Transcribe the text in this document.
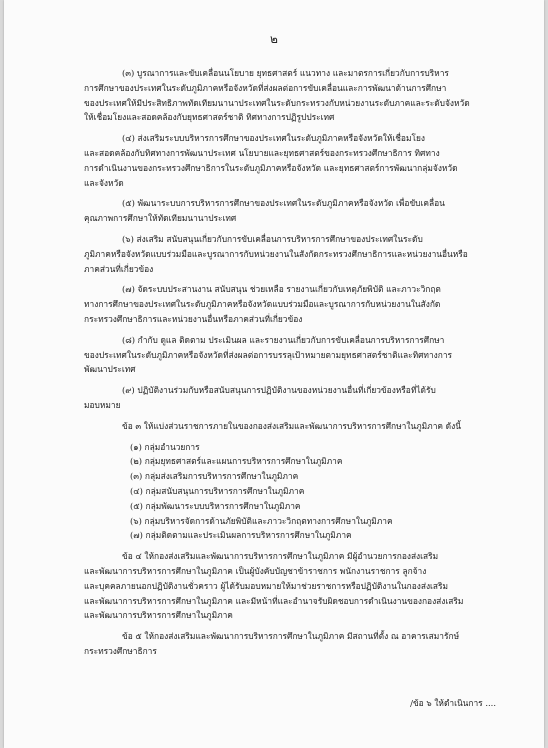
๒
(๓) บูรณาการและขับเคลื่อนนโยบาย ยุทธศาสตร์ แนวทาง และมาตรการเกี่ยวกับการบริหาร
การศึกษาของประเทศในระดับภูมิภาคหรือจังหวัดที่ส่งผลต่อการขับเคลื่อนและการพัฒนาด้านการศึกษา
ของประเทศให้มีประสิทธิภาพทัดเทียมนานาประเทศในระดับกระทรวงกับหน่วยงานระดับภาคและระดับจังหวัด
ให้เชื่อมโยงและสอดคล้องกับยุทธศาสตร์ชาติ ทิศทางการปฏิรูปประเทศ
(๔) ส่งเสริมระบบบริหารการศึกษาของประเทศในระดับภูมิภาคหรือจังหวัดให้เชื่อมโยง
และสอดคล้องกับทิศทางการพัฒนาประเทศ นโยบายและยุทธศาสตร์ของกระทรวงศึกษาธิการ ทิศทาง
การดำเนินงานของกระทรวงศึกษาธิการในระดับภูมิภาคหรือจังหวัด และยุทธศาสตร์การพัฒนากลุ่มจังหวัด
และจังหวัด
(๕) พัฒนาระบบการบริหารการศึกษาของประเทศในระดับภูมิภาคหรือจังหวัด เพื่อขับเคลื่อน
คุณภาพการศึกษาให้ทัดเทียมนานาประเทศ
(๖) ส่งเสริม สนับสนุนเกี่ยวกับการขับเคลื่อนการบริหารการศึกษาของประเทศในระดับ
ภูมิภาคหรือจังหวัดแบบร่วมมือและบูรณาการกับหน่วยงานในสังกัดกระทรวงศึกษาธิการและหน่วยงานอื่นหรือ
ภาคส่วนที่เกี่ยวข้อง
(๗) จัดระบบประสานงาน สนับสนุน ช่วยเหลือ รายงานเกี่ยวกับเหตุภัยพิบัติ และภาวะวิกฤต
ทางการศึกษาของประเทศในระดับภูมิภาคหรือจังหวัดแบบร่วมมือและบูรณาการกับหน่วยงานในสังกัด
กระทรวงศึกษาธิการและหน่วยงานอื่นหรือภาคส่วนที่เกี่ยวข้อง
(๘) กำกับ ดูแล ติดตาม ประเมินผล และรายงานเกี่ยวกับการขับเคลื่อนการบริหารการศึกษา
ของประเทศในระดับภูมิภาคหรือจังหวัดที่ส่งผลต่อการบรรลุเป้าหมายตามยุทธศาสตร์ชาติและทิศทางการ
พัฒนาประเทศ
(๙) ปฏิบัติงานร่วมกับหรือสนับสนุนการปฏิบัติงานของหน่วยงานอื่นที่เกี่ยวข้องหรือที่ได้รับ
มอบหมาย
ข้อ ๓ ให้แบ่งส่วนราชการภายในของกองส่งเสริมและพัฒนาการบริหารการศึกษาในภูมิภาค ดังนี้
(๑) กลุ่มอำนวยการ
(๒) กลุ่มยุทธศาสตร์และแผนการบริหารการศึกษาในภูมิภาค
(๓) กลุ่มส่งเสริมการบริหารการศึกษาในภูมิภาค
(๔) กลุ่มสนับสนุนการบริหารการศึกษาในภูมิภาค
(๕) กลุ่มพัฒนาระบบบริหารการศึกษาในภูมิภาค
(๖) กลุ่มบริหารจัดการด้านภัยพิบัติและภาวะวิกฤตทางการศึกษาในภูมิภาค
(๗) กลุ่มติดตามและประเมินผลการบริหารการศึกษาในภูมิภาค
ข้อ ๔ ให้กองส่งเสริมและพัฒนาการบริหารการศึกษาในภูมิภาค มีผู้อำนวยการกองส่งเสริม
และพัฒนาการบริหารการศึกษาในภูมิภาค เป็นผู้บังคับบัญชาข้าราชการ พนักงานราชการ ลูกจ้าง
และบุคคลภายนอกปฏิบัติงานชั่วคราว ผู้ได้รับมอบหมายให้มาช่วยราชการหรือปฏิบัติงานในกองส่งเสริม
และพัฒนาการบริหารการศึกษาในภูมิภาค และมีหน้าที่และอำนาจรับผิดชอบการดำเนินงานของกองส่งเสริม
และพัฒนาการบริหารการศึกษาในภูมิภาค
ข้อ ๕ ให้กองส่งเสริมและพัฒนาการบริหารการศึกษาในภูมิภาค มีสถานที่ตั้ง ณ อาคารเสมารักษ์
กระทรวงศึกษาธิการ
/ข้อ ๖ ให้ดำเนินการ ....
